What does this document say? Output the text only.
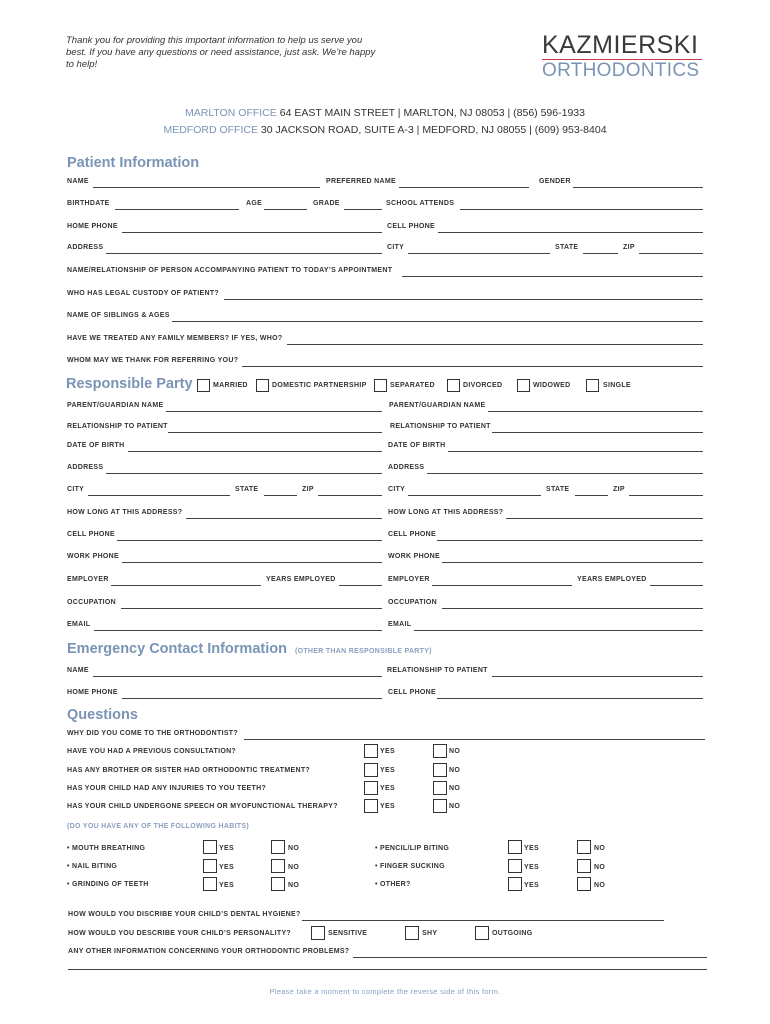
Thank you for providing this important information to help us serve you best. If you have any questions or need assistance, just ask. We’re happy to help!
KAZMIERSKI
ORTHODONTICS
MARLTON OFFICE 64 EAST MAIN STREET | MARLTON, NJ 08053 | (856) 596-1933
MEDFORD OFFICE 30 JACKSON ROAD, SUITE A-3 | MEDFORD, NJ 08055 | (609) 953-8404
Patient Information
NAME	PREFERRED NAME	GENDER
BIRTHDATE	AGE	GRADE	SCHOOL ATTENDS
HOME PHONE	CELL PHONE
ADDRESS	CITY	STATE	ZIP
NAME/RELATIONSHIP OF PERSON ACCOMPANYING PATIENT TO TODAY’S APPOINTMENT
WHO HAS LEGAL CUSTODY OF PATIENT?
NAME OF SIBLINGS & AGES
HAVE WE TREATED ANY FAMILY MEMBERS? IF YES, WHO?
WHOM MAY WE THANK FOR REFERRING YOU?
Responsible Party	MARRIED	DOMESTIC PARTNERSHIP	SEPARATED	DIVORCED	WIDOWED	SINGLE
PARENT/GUARDIAN NAME	PARENT/GUARDIAN NAME
RELATIONSHIP TO PATIENT	RELATIONSHIP TO PATIENT
DATE OF BIRTH	DATE OF BIRTH
ADDRESS	ADDRESS
CITY	STATE	ZIP	CITY	STATE	ZIP
HOW LONG AT THIS ADDRESS?	HOW LONG AT THIS ADDRESS?
CELL PHONE	CELL PHONE
WORK PHONE	WORK PHONE
EMPLOYER	YEARS EMPLOYED	EMPLOYER	YEARS EMPLOYED
OCCUPATION	OCCUPATION
EMAIL	EMAIL
Emergency Contact Information (OTHER THAN RESPONSIBLE PARTY)
NAME	RELATIONSHIP TO PATIENT
HOME PHONE	CELL PHONE
Questions
WHY DID YOU COME TO THE ORTHODONTIST?
HAVE YOU HAD A PREVIOUS CONSULTATION?	YES	NO
HAS ANY BROTHER OR SISTER HAD ORTHODONTIC TREATMENT?	YES	NO
HAS YOUR CHILD HAD ANY INJURIES TO YOU TEETH?	YES	NO
HAS YOUR CHILD UNDERGONE SPEECH OR MYOFUNCTIONAL THERAPY?	YES	NO
(DO YOU HAVE ANY OF THE FOLLOWING HABITS)
• MOUTH BREATHING	YES	NO
• NAIL BITING	YES	NO
• GRINDING OF TEETH	YES	NO
• PENCIL/LIP BITING	YES	NO
• FINGER SUCKING	YES	NO
• OTHER?	YES	NO
HOW WOULD YOU DISCRIBE YOUR CHILD’S DENTAL HYGIENE?
HOW WOULD YOU DESCRIBE YOUR CHILD’S PERSONALITY?	SENSITIVE	SHY	OUTGOING
ANY OTHER INFORMATION CONCERNING YOUR ORTHODONTIC PROBLEMS?
Please take a moment to complete the reverse side of this form.
